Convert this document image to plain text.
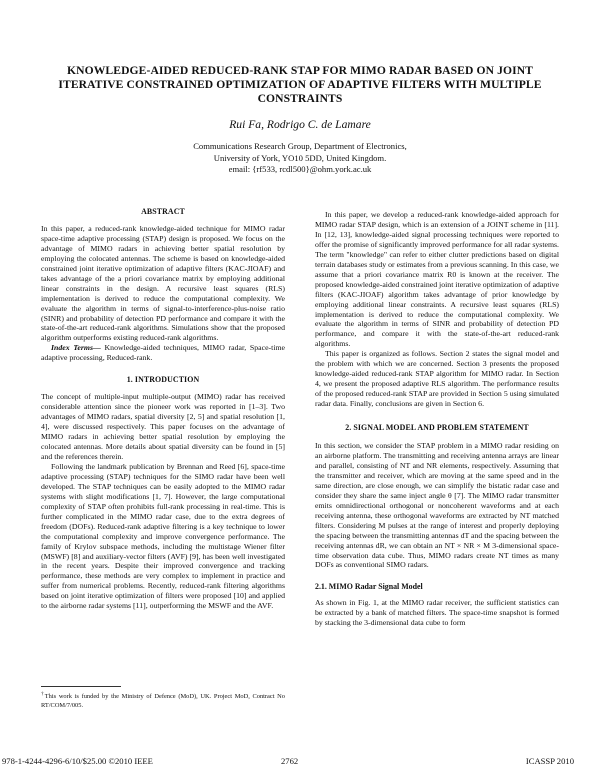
KNOWLEDGE-AIDED REDUCED-RANK STAP FOR MIMO RADAR BASED ON JOINT ITERATIVE CONSTRAINED OPTIMIZATION OF ADAPTIVE FILTERS WITH MULTIPLE CONSTRAINTS
Rui Fa, Rodrigo C. de Lamare
Communications Research Group, Department of Electronics,
University of York, YO10 5DD, United Kingdom.
email: {rf533, rcdl500}@ohm.york.ac.uk

ABSTRACT

In this paper, a reduced-rank knowledge-aided technique for MIMO radar space-time adaptive processing (STAP) design is proposed. We focus on the advantage of MIMO radars in achieving better spatial resolution by employing the colocated antennas. The scheme is based on knowledge-aided constrained joint iterative optimization of adaptive filters (KAC-JIOAF) and takes advantage of the a priori covariance matrix by employing additional linear constraints in the design. A recursive least squares (RLS) implementation is derived to reduce the computational complexity. We evaluate the algorithm in terms of signal-to-interference-plus-noise ratio (SINR) and probability of detection PD performance and compare it with the state-of-the-art reduced-rank algorithms. Simulations show that the proposed algorithm outperforms existing reduced-rank algorithms.

Index Terms— Knowledge-aided techniques, MIMO radar, Space-time adaptive processing, Reduced-rank.

1. INTRODUCTION

The concept of multiple-input multiple-output (MIMO) radar has received considerable attention since the pioneer work was reported in [1–3]. Two advantages of MIMO radars, spatial diversity [2, 5] and spatial resolution [1, 4], were discussed respectively. This paper focuses on the advantage of MIMO radars in achieving better spatial resolution by employing the colocated antennas. More details about spatial diversity can be found in [5] and the references therein.

Following the landmark publication by Brennan and Reed [6], space-time adaptive processing (STAP) techniques for the SIMO radar have been well developed. The STAP techniques can be easily adopted to the MIMO radar systems with slight modifications [1, 7]. However, the large computational complexity of STAP often prohibits full-rank processing in real-time. This is further complicated in the MIMO radar case, due to the extra degrees of freedom (DOFs). Reduced-rank adaptive filtering is a key technique to lower the computational complexity and improve convergence performance. The family of Krylov subspace methods, including the multistage Wiener filter (MSWF) [8] and auxiliary-vector filters (AVF) [9], has been well investigated in the recent years. Despite their improved convergence and tracking performance, these methods are very complex to implement in practice and suffer from numerical problems. Recently, reduced-rank filtering algorithms based on joint iterative optimization of filters were proposed [10] and applied to the airborne radar systems [11], outperforming the MSWF and the AVF.

†This work is funded by the Ministry of Defence (MoD), UK. Project MoD, Contract No RT/COM/7/005.

In this paper, we develop a reduced-rank knowledge-aided approach for MIMO radar STAP design, which is an extension of a JOINT scheme in [11]. In [12, 13], knowledge-aided signal processing techniques were reported to offer the promise of significantly improved performance for all radar systems. The term "knowledge" can refer to either clutter predictions based on digital terrain databases study or estimates from a previous scanning. In this case, we assume that a priori covariance matrix R0 is known at the receiver. The proposed knowledge-aided constrained joint iterative optimization of adaptive filters (KAC-JIOAF) algorithm takes advantage of prior knowledge by employing additional linear constraints. A recursive least squares (RLS) implementation is derived to reduce the computational complexity. We evaluate the algorithm in terms of SINR and probability of detection PD performance, and compare it with the state-of-the-art reduced-rank algorithms.

This paper is organized as follows. Section 2 states the signal model and the problem with which we are concerned. Section 3 presents the proposed knowledge-aided reduced-rank STAP algorithm for MIMO radar. In Section 4, we present the proposed adaptive RLS algorithm. The performance results of the proposed reduced-rank STAP are provided in Section 5 using simulated radar data. Finally, conclusions are given in Section 6.

2. SIGNAL MODEL AND PROBLEM STATEMENT

In this section, we consider the STAP problem in a MIMO radar residing on an airborne platform. The transmitting and receiving antenna arrays are linear and parallel, consisting of NT and NR elements, respectively. Assuming that the transmitter and receiver, which are moving at the same speed and in the same direction, are close enough, we can simplify the bistatic radar case and consider they share the same inject angle θ [7]. The MIMO radar transmitter emits omnidirectional orthogonal or noncoherent waveforms and at each receiving antenna, these orthogonal waveforms are extracted by NT matched filters. Considering M pulses at the range of interest and properly deploying the spacing between the transmitting antennas dT and the spacing between the receiving antennas dR, we can obtain an NT × NR × M 3-dimensional space-time observation data cube. Thus, MIMO radars create NT times as many DOFs as conventional SIMO radars.

2.1. MIMO Radar Signal Model

As shown in Fig. 1, at the MIMO radar receiver, the sufficient statistics can be extracted by a bank of matched filters. The space-time snapshot is formed by stacking the 3-dimensional data cube to form

978-1-4244-4296-6/10/$25.00 ©2010 IEEE	2762	ICASSP 2010
